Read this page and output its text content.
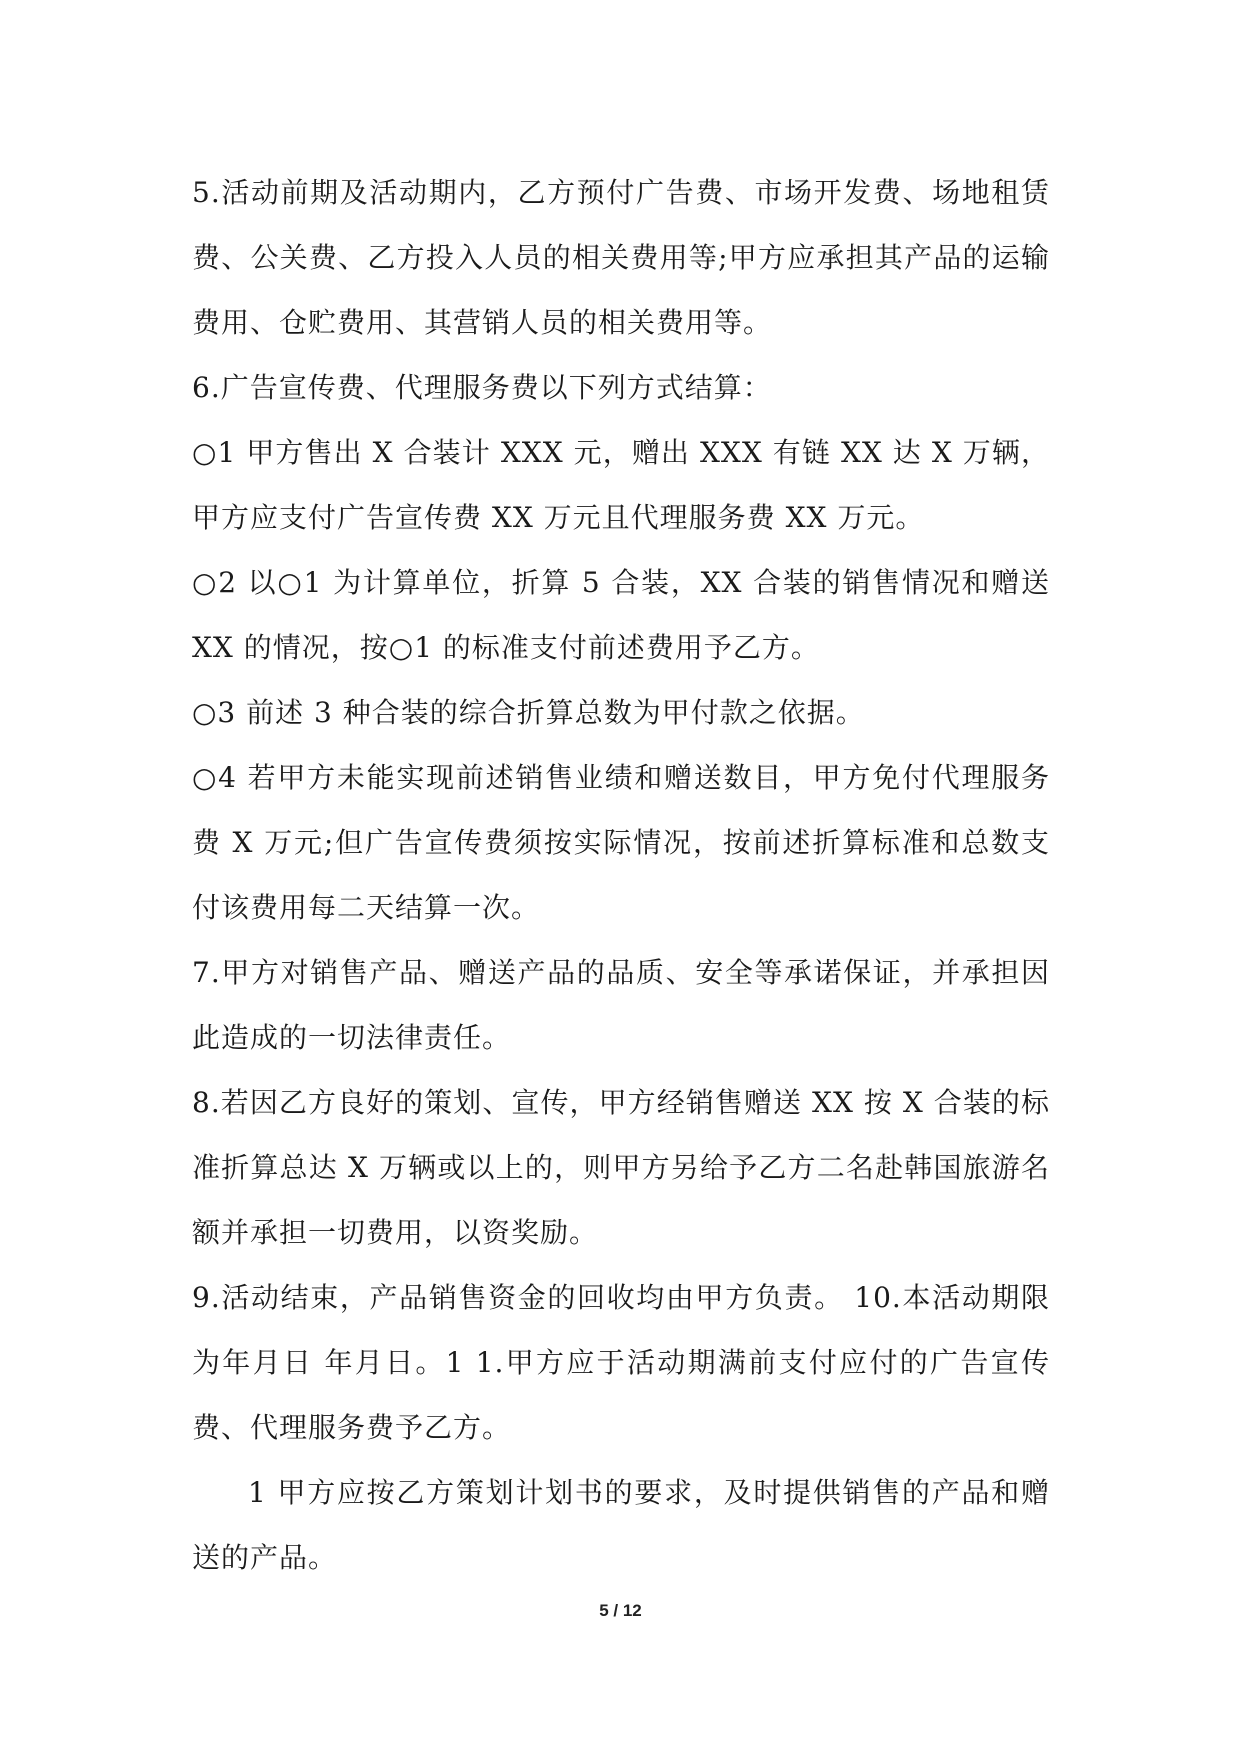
5.活动前期及活动期内，乙方预付广告费、市场开发费、场地租赁费、公关费、乙方投入人员的相关费用等;甲方应承担其产品的运输费用、仓贮费用、其营销人员的相关费用等。

6.广告宣传费、代理服务费以下列方式结算：

○1 甲方售出 X 合装计 XXX 元，赠出 XXX 有链 XX 达 X 万辆，甲方应支付广告宣传费 XX 万元且代理服务费 XX 万元。

○2 以○1 为计算单位，折算 5 合装，XX 合装的销售情况和赠送 XX 的情况，按○1 的标准支付前述费用予乙方。

○3 前述 3 种合装的综合折算总数为甲付款之依据。

○4 若甲方未能实现前述销售业绩和赠送数目，甲方免付代理服务费 X 万元;但广告宣传费须按实际情况，按前述折算标准和总数支付该费用每二天结算一次。

7.甲方对销售产品、赠送产品的品质、安全等承诺保证，并承担因此造成的一切法律责任。

8.若因乙方良好的策划、宣传，甲方经销售赠送 XX 按 X 合装的标准折算总达 X 万辆或以上的，则甲方另给予乙方二名赴韩国旅游名额并承担一切费用，以资奖励。

9.活动结束，产品销售资金的回收均由甲方负责。 10.本活动期限为年月日 年月日。1 1.甲方应于活动期满前支付应付的广告宣传费、代理服务费予乙方。

1 甲方应按乙方策划计划书的要求，及时提供销售的产品和赠送的产品。

5 / 12
